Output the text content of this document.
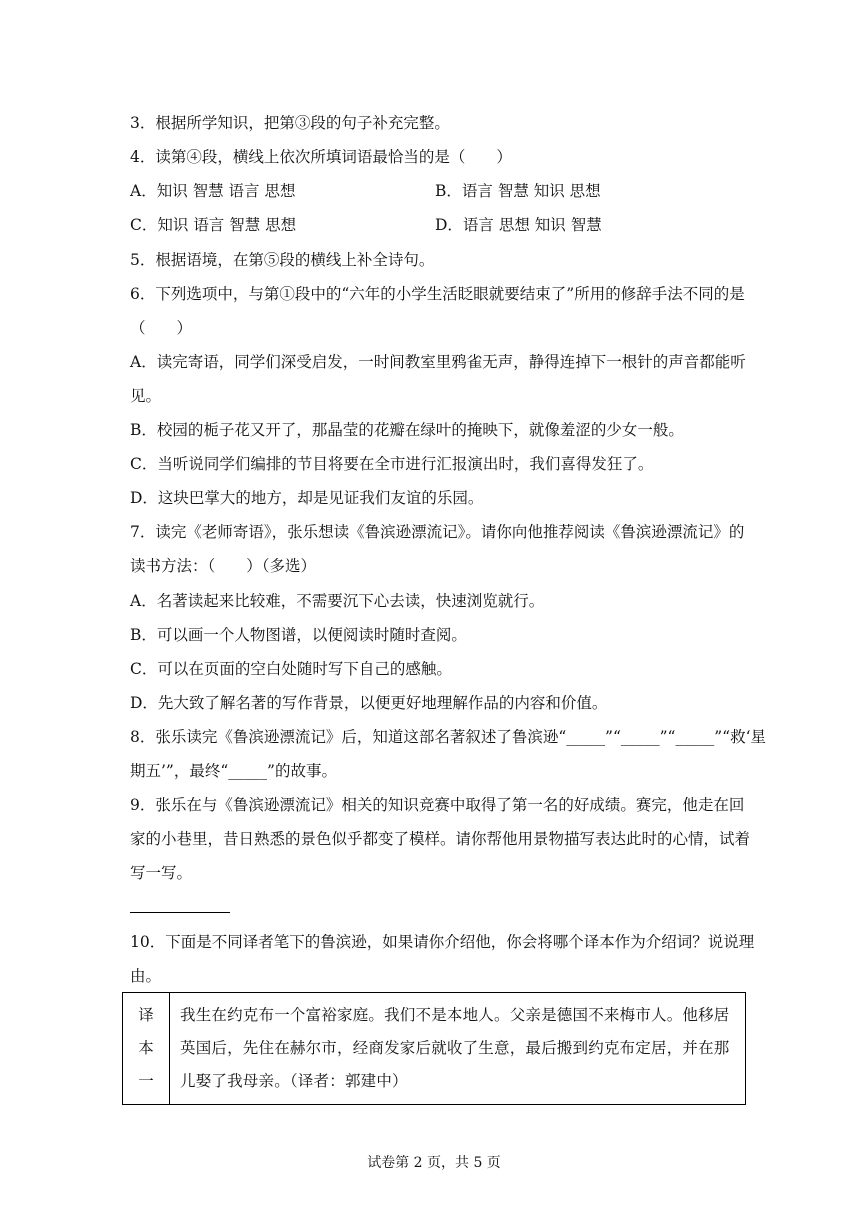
3．根据所学知识，把第③段的句子补充完整。
4．读第④段，横线上依次所填词语最恰当的是（　　）
A．知识 智慧 语言 思想	B．语言 智慧 知识 思想
C．知识 语言 智慧 思想	D．语言 思想 知识 智慧
5．根据语境，在第⑤段的横线上补全诗句。
6．下列选项中，与第①段中的“六年的小学生活眨眼就要结束了”所用的修辞手法不同的是
（　　）
A．读完寄语，同学们深受启发，一时间教室里鸦雀无声，静得连掉下一根针的声音都能听
见。
B．校园的栀子花又开了，那晶莹的花瓣在绿叶的掩映下，就像羞涩的少女一般。
C．当听说同学们编排的节目将要在全市进行汇报演出时，我们喜得发狂了。
D．这块巴掌大的地方，却是见证我们友谊的乐园。
7．读完《老师寄语》，张乐想读《鲁滨逊漂流记》。请你向他推荐阅读《鲁滨逊漂流记》的
读书方法：（　　）（多选）
A．名著读起来比较难，不需要沉下心去读，快速浏览就行。
B．可以画一个人物图谱，以便阅读时随时查阅。
C．可以在页面的空白处随时写下自己的感触。
D．先大致了解名著的写作背景，以便更好地理解作品的内容和价值。
8．张乐读完《鲁滨逊漂流记》后，知道这部名著叙述了鲁滨逊“_____”“_____”“_____”“救‘星
期五’”，最终“_____”的故事。
9．张乐在与《鲁滨逊漂流记》相关的知识竞赛中取得了第一名的好成绩。赛完，他走在回
家的小巷里，昔日熟悉的景色似乎都变了模样。请你帮他用景物描写表达此时的心情，试着
写一写。
10．下面是不同译者笔下的鲁滨逊，如果请你介绍他，你会将哪个译本作为介绍词？说说理
由。
译
本
一
	我生在约克布一个富裕家庭。我们不是本地人。父亲是德国不来梅市人。他移居英国后，先住在赫尔市，经商发家后就收了生意，最后搬到约克布定居，并在那儿娶了我母亲。（译者：郭建中）
试卷第 2 页，共 5 页
